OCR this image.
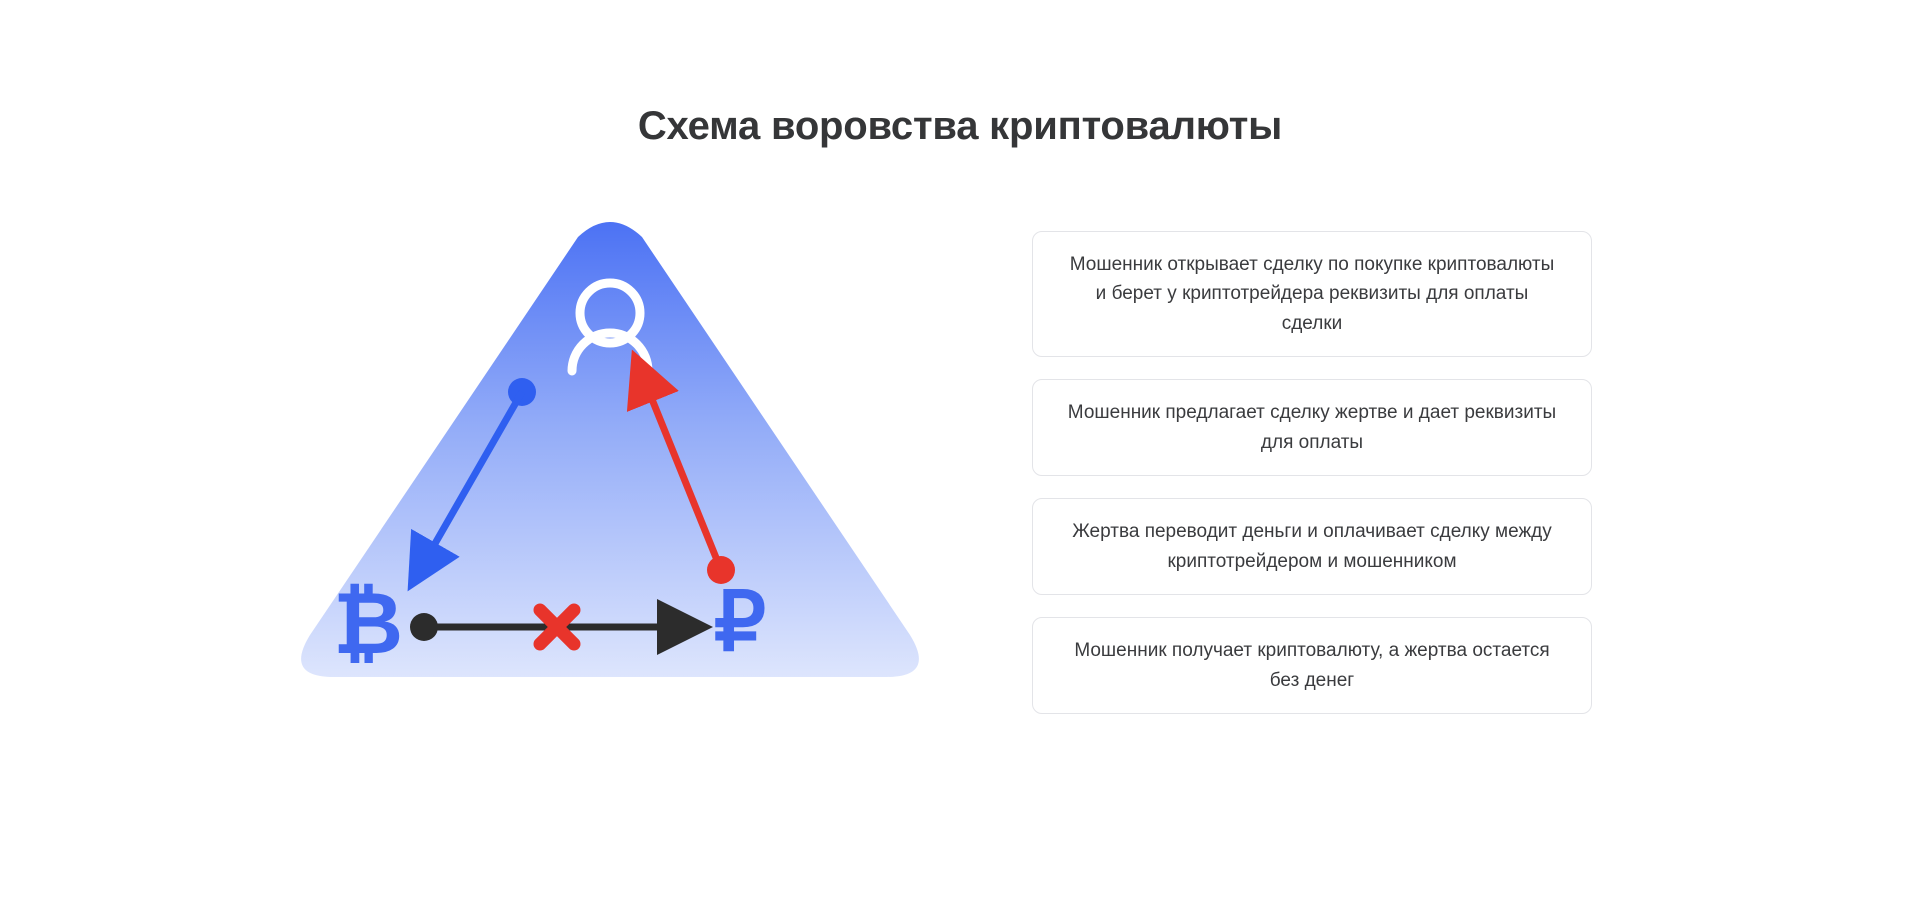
Схема воровства криптовалюты
₿	₽
Мошенник открывает сделку по покупке криптовалюты и берет у криптотрейдера реквизиты для оплаты сделки
Мошенник предлагает сделку жертве и дает реквизиты для оплаты
Жертва переводит деньги и оплачивает сделку между криптотрейдером и мошенником
Мошенник получает криптовалюту, а жертва остается без денег
